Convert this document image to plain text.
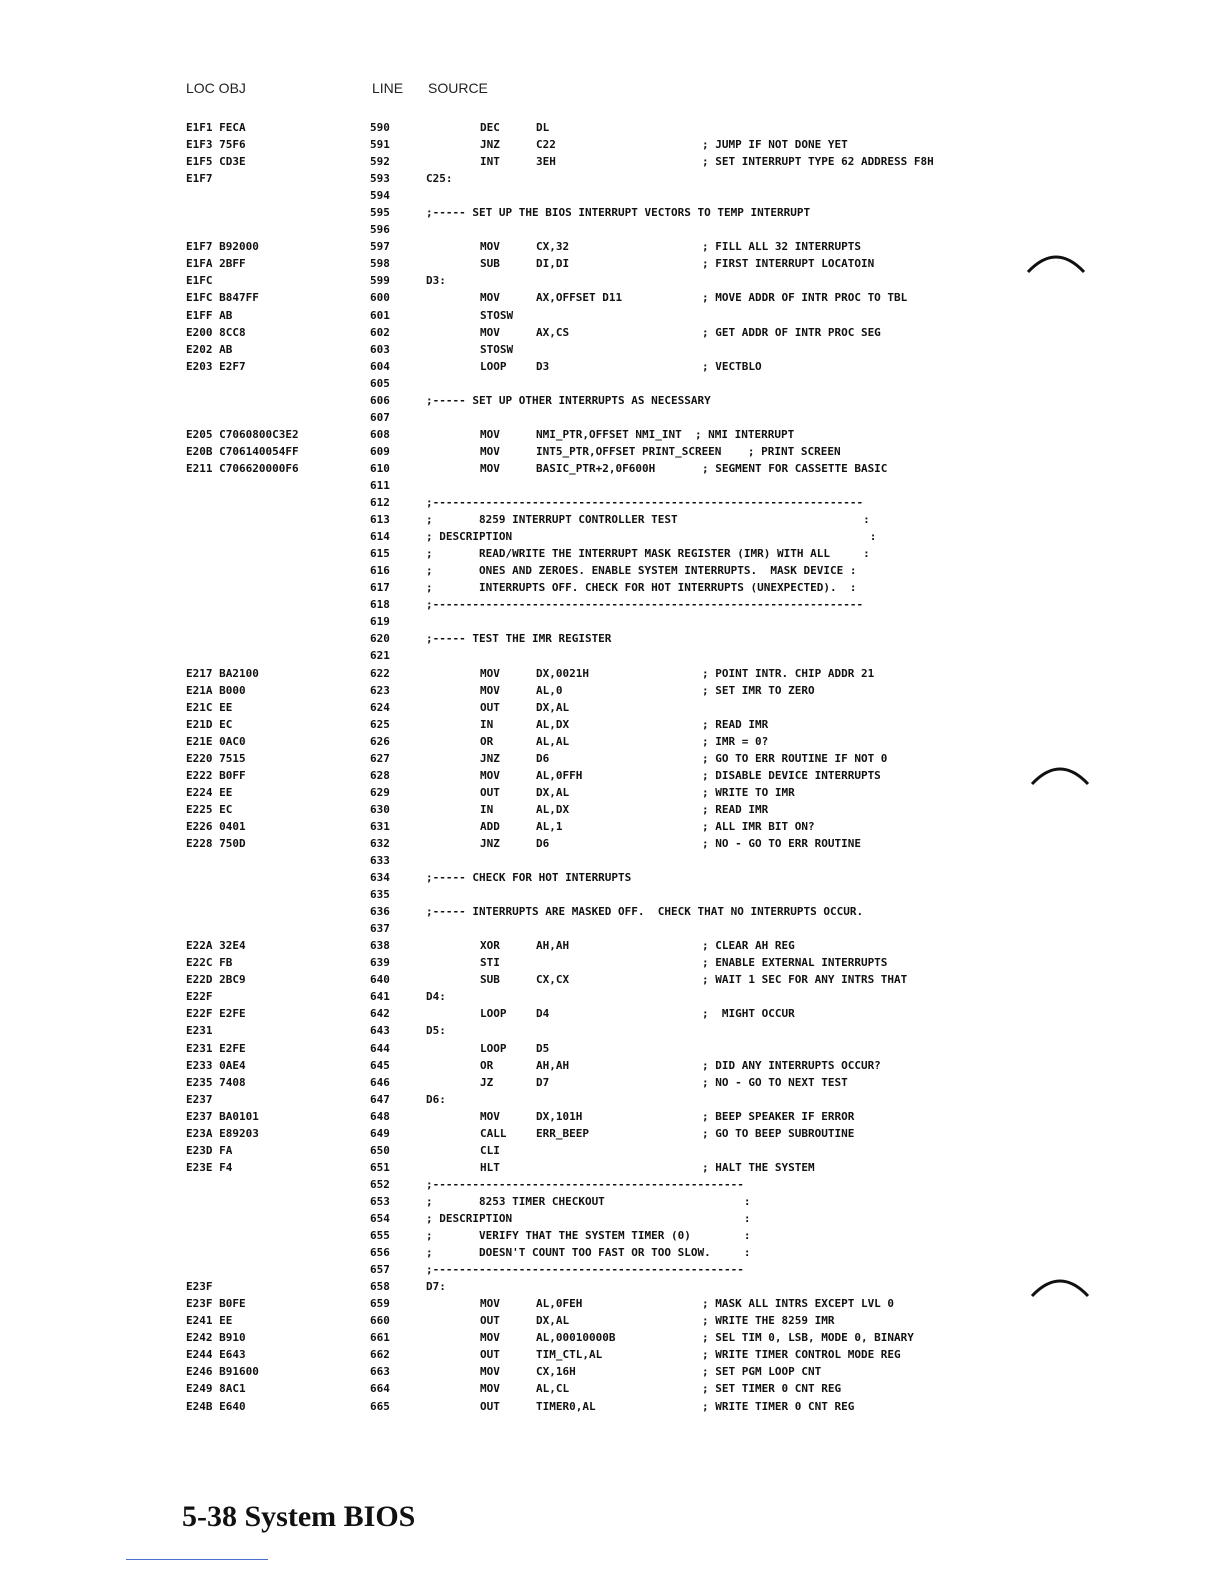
LOC OBJ	LINE SOURCE
E1F1 FECA	590	DEC	DL
E1F3 75F6	591	JNZ	C22	; JUMP IF NOT DONE YET
E1F5 CD3E	592	INT	3EH	; SET INTERRUPT TYPE 62 ADDRESS F8H
E1F7	593	C25:
594
595	;----- SET UP THE BIOS INTERRUPT VECTORS TO TEMP INTERRUPT
596
E1F7 B92000	597	MOV	CX,32	; FILL ALL 32 INTERRUPTS
E1FA 2BFF	598	SUB	DI,DI	; FIRST INTERRUPT LOCATOIN
E1FC	599	D3:
E1FC B847FF	600	MOV	AX,OFFSET D11	; MOVE ADDR OF INTR PROC TO TBL
E1FF AB	601	STOSW
E200 8CC8	602	MOV	AX,CS	; GET ADDR OF INTR PROC SEG
E202 AB	603	STOSW
E203 E2F7	604	LOOP	D3	; VECTBLO
605
606	;----- SET UP OTHER INTERRUPTS AS NECESSARY
607
E205 C7060800C3E2	608	MOV	NMI_PTR,OFFSET NMI_INT  ; NMI INTERRUPT
E20B C706140054FF	609	MOV	INT5_PTR,OFFSET PRINT_SCREEN    ; PRINT SCREEN
E211 C706620000F6	610	MOV	BASIC_PTR+2,0F600H	; SEGMENT FOR CASSETTE BASIC
611
612	;-----------------------------------------------------------------
613	;       8259 INTERRUPT CONTROLLER TEST                            :
614	; DESCRIPTION                                                      :
615	;       READ/WRITE THE INTERRUPT MASK REGISTER (IMR) WITH ALL     :
616	;       ONES AND ZEROES. ENABLE SYSTEM INTERRUPTS.  MASK DEVICE :
617	;       INTERRUPTS OFF. CHECK FOR HOT INTERRUPTS (UNEXPECTED).  :
618	;-----------------------------------------------------------------
619
620	;----- TEST THE IMR REGISTER
621
E217 BA2100	622	MOV	DX,0021H	; POINT INTR. CHIP ADDR 21
E21A B000	623	MOV	AL,0	; SET IMR TO ZERO
E21C EE	624	OUT	DX,AL
E21D EC	625	IN	AL,DX	; READ IMR
E21E 0AC0	626	OR	AL,AL	; IMR = 0?
E220 7515	627	JNZ	D6	; GO TO ERR ROUTINE IF NOT 0
E222 B0FF	628	MOV	AL,0FFH	; DISABLE DEVICE INTERRUPTS
E224 EE	629	OUT	DX,AL	; WRITE TO IMR
E225 EC	630	IN	AL,DX	; READ IMR
E226 0401	631	ADD	AL,1	; ALL IMR BIT ON?
E228 750D	632	JNZ	D6	; NO - GO TO ERR ROUTINE
633
634	;----- CHECK FOR HOT INTERRUPTS
635
636	;----- INTERRUPTS ARE MASKED OFF.  CHECK THAT NO INTERRUPTS OCCUR.
637
E22A 32E4	638	XOR	AH,AH	; CLEAR AH REG
E22C FB	639	STI	; ENABLE EXTERNAL INTERRUPTS
E22D 2BC9	640	SUB	CX,CX	; WAIT 1 SEC FOR ANY INTRS THAT
E22F	641	D4:
E22F E2FE	642	LOOP	D4	;  MIGHT OCCUR
E231	643	D5:
E231 E2FE	644	LOOP	D5
E233 0AE4	645	OR	AH,AH	; DID ANY INTERRUPTS OCCUR?
E235 7408	646	JZ	D7	; NO - GO TO NEXT TEST
E237	647	D6:
E237 BA0101	648	MOV	DX,101H	; BEEP SPEAKER IF ERROR
E23A E89203	649	CALL	ERR_BEEP	; GO TO BEEP SUBROUTINE
E23D FA	650	CLI
E23E F4	651	HLT	; HALT THE SYSTEM
652	;-----------------------------------------------
653	;       8253 TIMER CHECKOUT                     :
654	; DESCRIPTION                                   :
655	;       VERIFY THAT THE SYSTEM TIMER (0)        :
656	;       DOESN'T COUNT TOO FAST OR TOO SLOW.     :
657	;-----------------------------------------------
E23F	658	D7:
E23F B0FE	659	MOV	AL,0FEH	; MASK ALL INTRS EXCEPT LVL 0
E241 EE	660	OUT	DX,AL	; WRITE THE 8259 IMR
E242 B910	661	MOV	AL,00010000B	; SEL TIM 0, LSB, MODE 0, BINARY
E244 E643	662	OUT	TIM_CTL,AL	; WRITE TIMER CONTROL MODE REG
E246 B91600	663	MOV	CX,16H	; SET PGM LOOP CNT
E249 8AC1	664	MOV	AL,CL	; SET TIMER 0 CNT REG
E24B E640	665	OUT	TIMER0,AL	; WRITE TIMER 0 CNT REG
5-38 System BIOS
